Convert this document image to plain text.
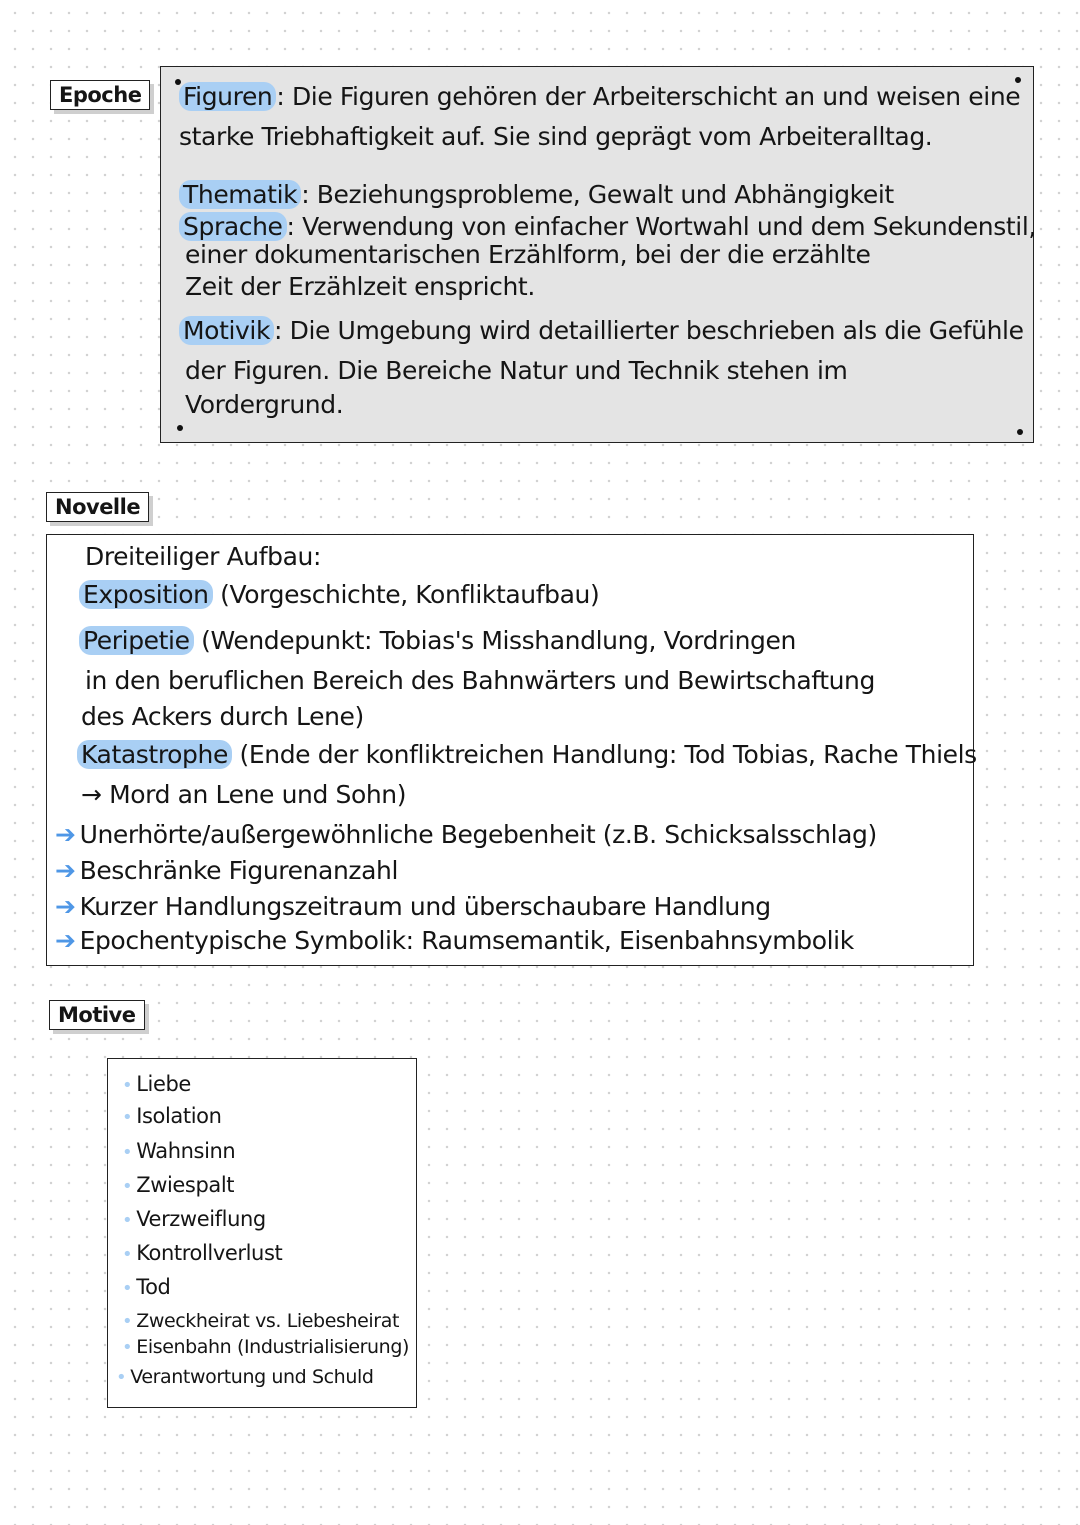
Epoche	Figuren : Die Figuren gehören der Arbeiterschicht an und weisen eine
starke Triebhaftigkeit auf. Sie sind geprägt vom Arbeiteralltag.
Thematik : Beziehungsprobleme, Gewalt und Abhängigkeit
Sprache : Verwendung von einfacher Wortwahl und dem Sekundenstil,
einer dokumentarischen Erzählform, bei der die erzählte
Zeit der Erzählzeit enspricht.
Motivik : Die Umgebung wird detaillierter beschrieben als die Gefühle
der Figuren. Die Bereiche Natur und Technik stehen im
Vordergrund.
Novelle
Dreiteiliger Aufbau:
Exposition (Vorgeschichte, Konfliktaufbau)
Peripetie (Wendepunkt: Tobias's Misshandlung, Vordringen
in den beruflichen Bereich des Bahnwärters und Bewirtschaftung
des Ackers durch Lene)
Katastrophe (Ende der konfliktreichen Handlung: Tod Tobias, Rache Thiels
→ Mord an Lene und Sohn)
➔ Unerhörte/außergewöhnliche Begebenheit (z.B. Schicksalsschlag)
➔ Beschränke Figurenanzahl
➔ Kurzer Handlungszeitraum und überschaubare Handlung
➔ Epochentypische Symbolik: Raumsemantik, Eisenbahnsymbolik
Motive
• Liebe
• Isolation
• Wahnsinn
• Zwiespalt
• Verzweiflung
• Kontrollverlust
• Tod
• Zweckheirat vs. Liebesheirat
• Eisenbahn (Industrialisierung)
• Verantwortung und Schuld
